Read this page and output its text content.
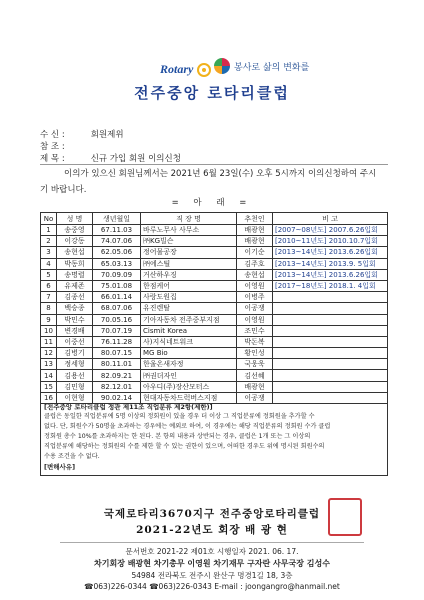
Rotary	봉사로 삶의 변화를
전주중앙 로타리클럽
수 신 :	회원제위
참 조 :
제 목 :	신규 가입 회원 이의신청

이의가 있으신 회원님께서는 2021년 6월 23일(수) 오후 5시까지 이의신청하여 주시

기 바랍니다.
= 아 래 =
No	성 명	생년월일	직 장 명	추천인	비 고
1	송중영	67.11.03	바루노무사 사무소	배광현	[2007~08년도] 2007.6.26입회
2	이강동	74.07.06	㈜KG빌슨	배광현	[2010~11년도] 2010.10.7입회
3	송현섭	62.05.06	정어물공장	이기순	[2013~14년도] 2013.6.26입회
4	박동희	65.03.13	㈜에스틸	김주호	[2013~14년도] 2013.9. 5입회
5	송명렬	70.09.09	거산하우징	송현섭	[2013~14년도] 2013.6.26입회
6	유제존	75.01.08	한점케어	이영원	[2017~18년도] 2018.1. 4입회
7	김종선	66.01.14	사랑도원집	이병주	
8	백승종	68.07.06	유진렌탈	이공쟁	
9	박민수	70.05.16	기아자동차 전주중부지점	이영원	
10	변경배	70.07.19	Cismit Korea	조민수	
11	이중선	76.11.28	사)지식네트워크	박돈복	
12	김병기	80.07.15	MG Bio	황인성	
13	정세형	80.11.01	한울온새자정	국웅욱	
14	김용선	82.09.21	㈜권더자인	김선혜	
15	김민형	82.12.01	아우디(주)장산모터스	배광현	
16	이현형	90.02.14	현대자동차드럭버스지점	이공쟁	
[전주중앙 로타리클럽 정관 제11조 직업분류 제2항(제한)]
클럽은 동일한 직업분류에 5명 이상의 정회원이 있을 경우 더 이상 그 직업분류에 정회원을 추가할 수
없다. 단, 회원수가 50명을 초과하는 경우에는 예외로 하여, 이 경우에는 해당 직업분류의 정회원 수가 클럽
정회원 총수 10%를 초과하지는 한 된다. 본 항의 내용과 상반되는 경우, 클럽은 1개 또는 그 이상의
직업분류에 해당하는 정회원의 수를 제한 할 수 있는 권한이 있으며, 어떠한 경우도 위에 명시된 회원수의
수용 조건을 수 없다.
[변해사유]
국제로타리3670지구 전주중앙로타리클럽
2021-22년도 회장 배 광 현
문서번호 2021-22 제01호 시행일자 2021. 06. 17.
차기회장 배광현 차기총무 이영원 차기재무 구자란 사무국장 김성수
54984 전라북도 전주시 완산구 명경1길 18, 3층
☎063)226-0344 ☎063)226-0343 E-mail : joongangro@hanmail.net
